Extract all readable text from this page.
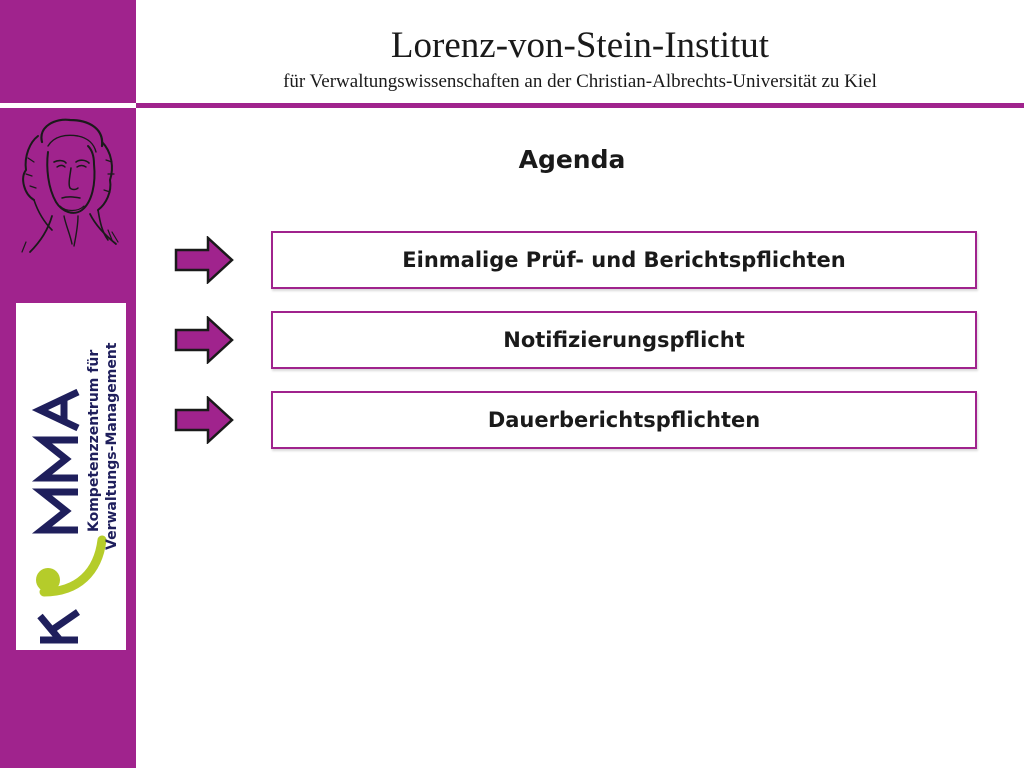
Lorenz-von-Stein-Institut
für Verwaltungswissenschaften an der Christian-Albrechts-Universität zu Kiel
Kompetenzzentrum für Verwaltungs-Management
Agenda
Einmalige Prüf- und Berichtspflichten
Notifizierungspflicht
Dauerberichtspflichten
